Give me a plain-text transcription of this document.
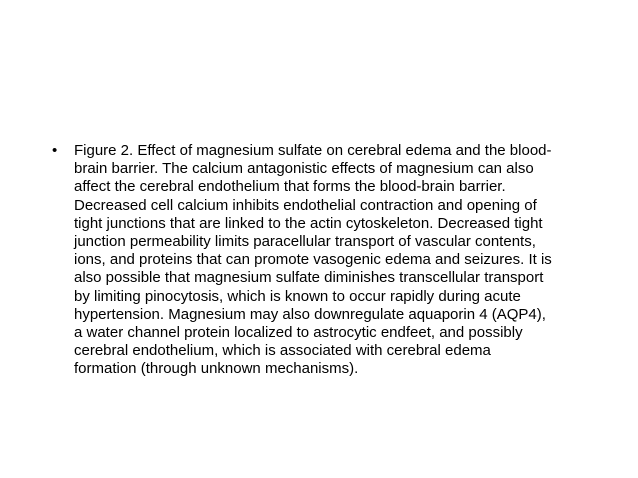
• Figure 2. Effect of magnesium sulfate on cerebral edema and the blood-
brain barrier. The calcium antagonistic effects of magnesium can also
affect the cerebral endothelium that forms the blood-brain barrier.
Decreased cell calcium inhibits endothelial contraction and opening of
tight junctions that are linked to the actin cytoskeleton. Decreased tight
junction permeability limits paracellular transport of vascular contents,
ions, and proteins that can promote vasogenic edema and seizures. It is
also possible that magnesium sulfate diminishes transcellular transport
by limiting pinocytosis, which is known to occur rapidly during acute
hypertension. Magnesium may also downregulate aquaporin 4 (AQP4),
a water channel protein localized to astrocytic endfeet, and possibly
cerebral endothelium, which is associated with cerebral edema
formation (through unknown mechanisms).
